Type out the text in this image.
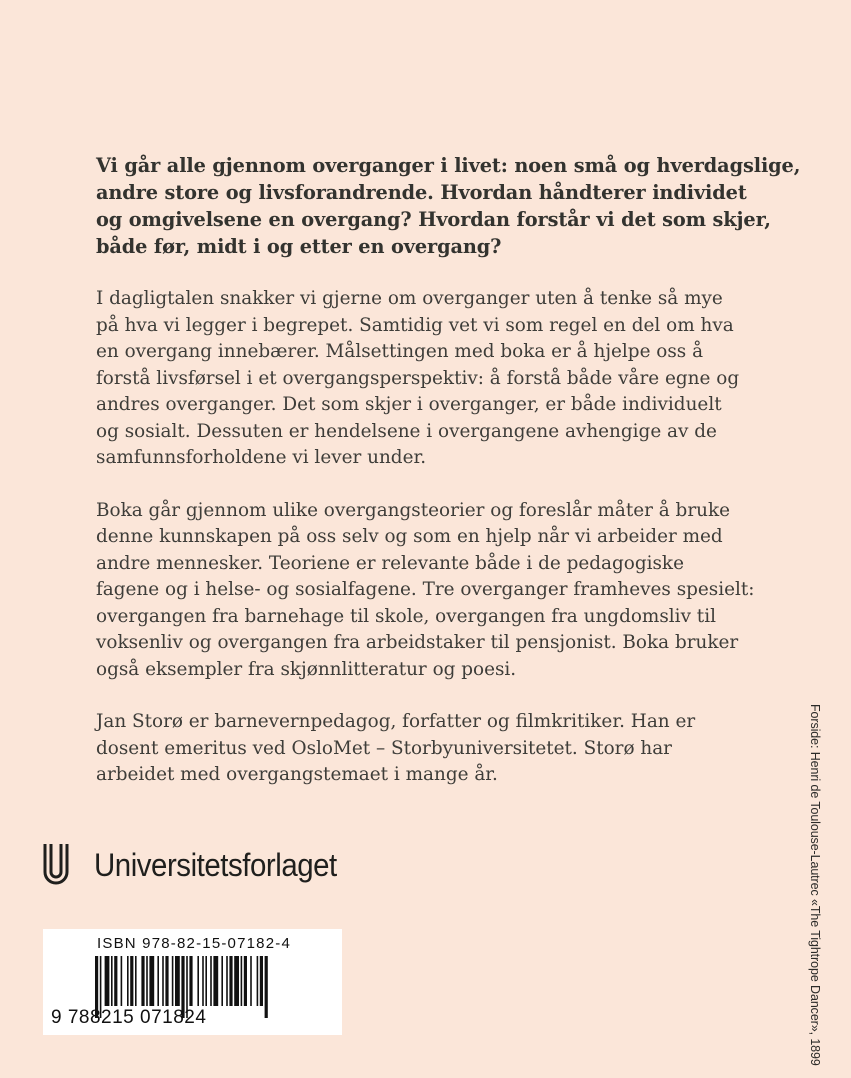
Vi går alle gjennom overganger i livet: noen små og hverdagslige,
andre store og livsforandrende. Hvordan håndterer individet
og omgivelsene en overgang? Hvordan forstår vi det som skjer,
både før, midt i og etter en overgang?
I dagligtalen snakker vi gjerne om overganger uten å tenke så mye
på hva vi legger i begrepet. Samtidig vet vi som regel en del om hva
en overgang innebærer. Målsettingen med boka er å hjelpe oss å
forstå livsførsel i et overgangsperspektiv: å forstå både våre egne og
andres overganger. Det som skjer i overganger, er både individuelt
og sosialt. Dessuten er hendelsene i overgangene avhengige av de
samfunnsforholdene vi lever under.
Boka går gjennom ulike overgangsteorier og foreslår måter å bruke
denne kunnskapen på oss selv og som en hjelp når vi arbeider med
andre mennesker. Teoriene er relevante både i de pedagogiske
fagene og i helse- og sosialfagene. Tre overganger framheves spesielt:
overgangen fra barnehage til skole, overgangen fra ungdomsliv til
voksenliv og overgangen fra arbeidstaker til pensjonist. Boka bruker
også eksempler fra skjønnlitteratur og poesi.
Jan Storø er barnevernpedagog, forfatter og filmkritiker. Han er
dosent emeritus ved OsloMet – Storbyuniversitetet. Storø har
arbeidet med overgangstemaet i mange år.
Universitetsforlaget
ISBN 978-82-15-07182-4
9 788215 071824	Forside: Henri de Toulouse-Lautrec «The Tightrope Dancer», 1899
